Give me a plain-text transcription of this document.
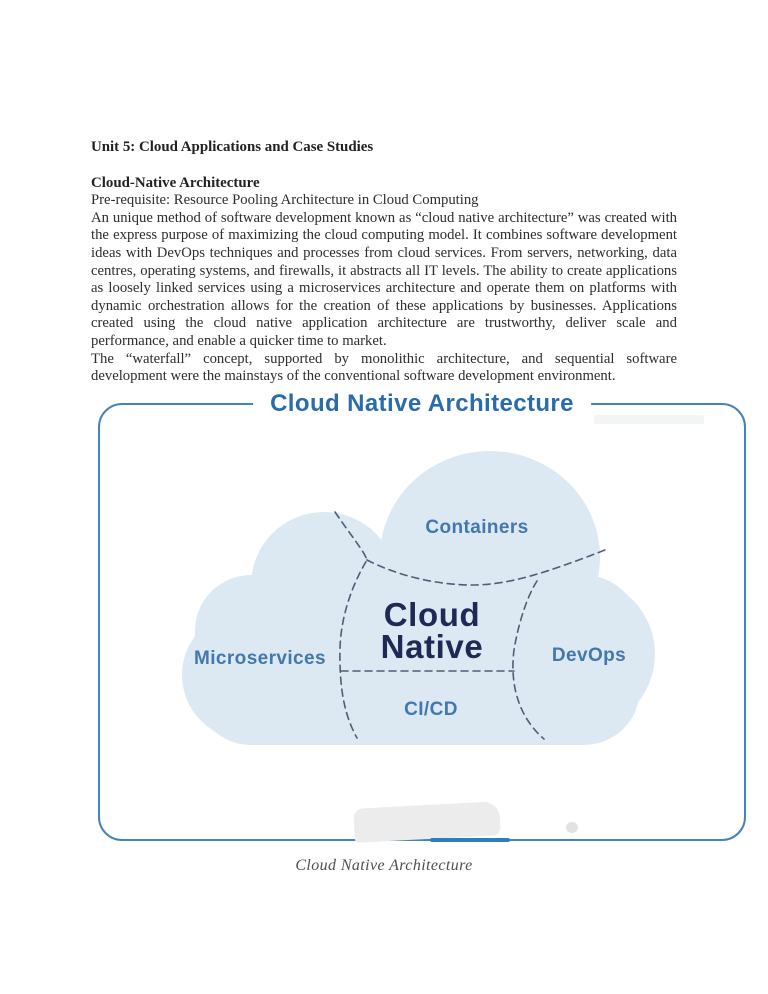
Unit 5: Cloud Applications and Case Studies
Cloud-Native Architecture

Pre-requisite: Resource Pooling Architecture in Cloud Computing

An unique method of software development known as “cloud native architecture” was created with the express purpose of maximizing the cloud computing model. It combines software development ideas with DevOps techniques and processes from cloud services. From servers, networking, data centres, operating systems, and firewalls, it abstracts all IT levels. The ability to create applications as loosely linked services using a microservices architecture and operate them on platforms with dynamic orchestration allows for the creation of these applications by businesses. Applications created using the cloud native application architecture are trustworthy, deliver scale and performance, and enable a quicker time to market.

The “waterfall” concept, supported by monolithic architecture, and sequential software development were the mainstays of the conventional software development environment.

Cloud Native Architecture
Containers
Microservices	DevOps
CI/CD
Cloud
Native
Cloud Native Architecture
